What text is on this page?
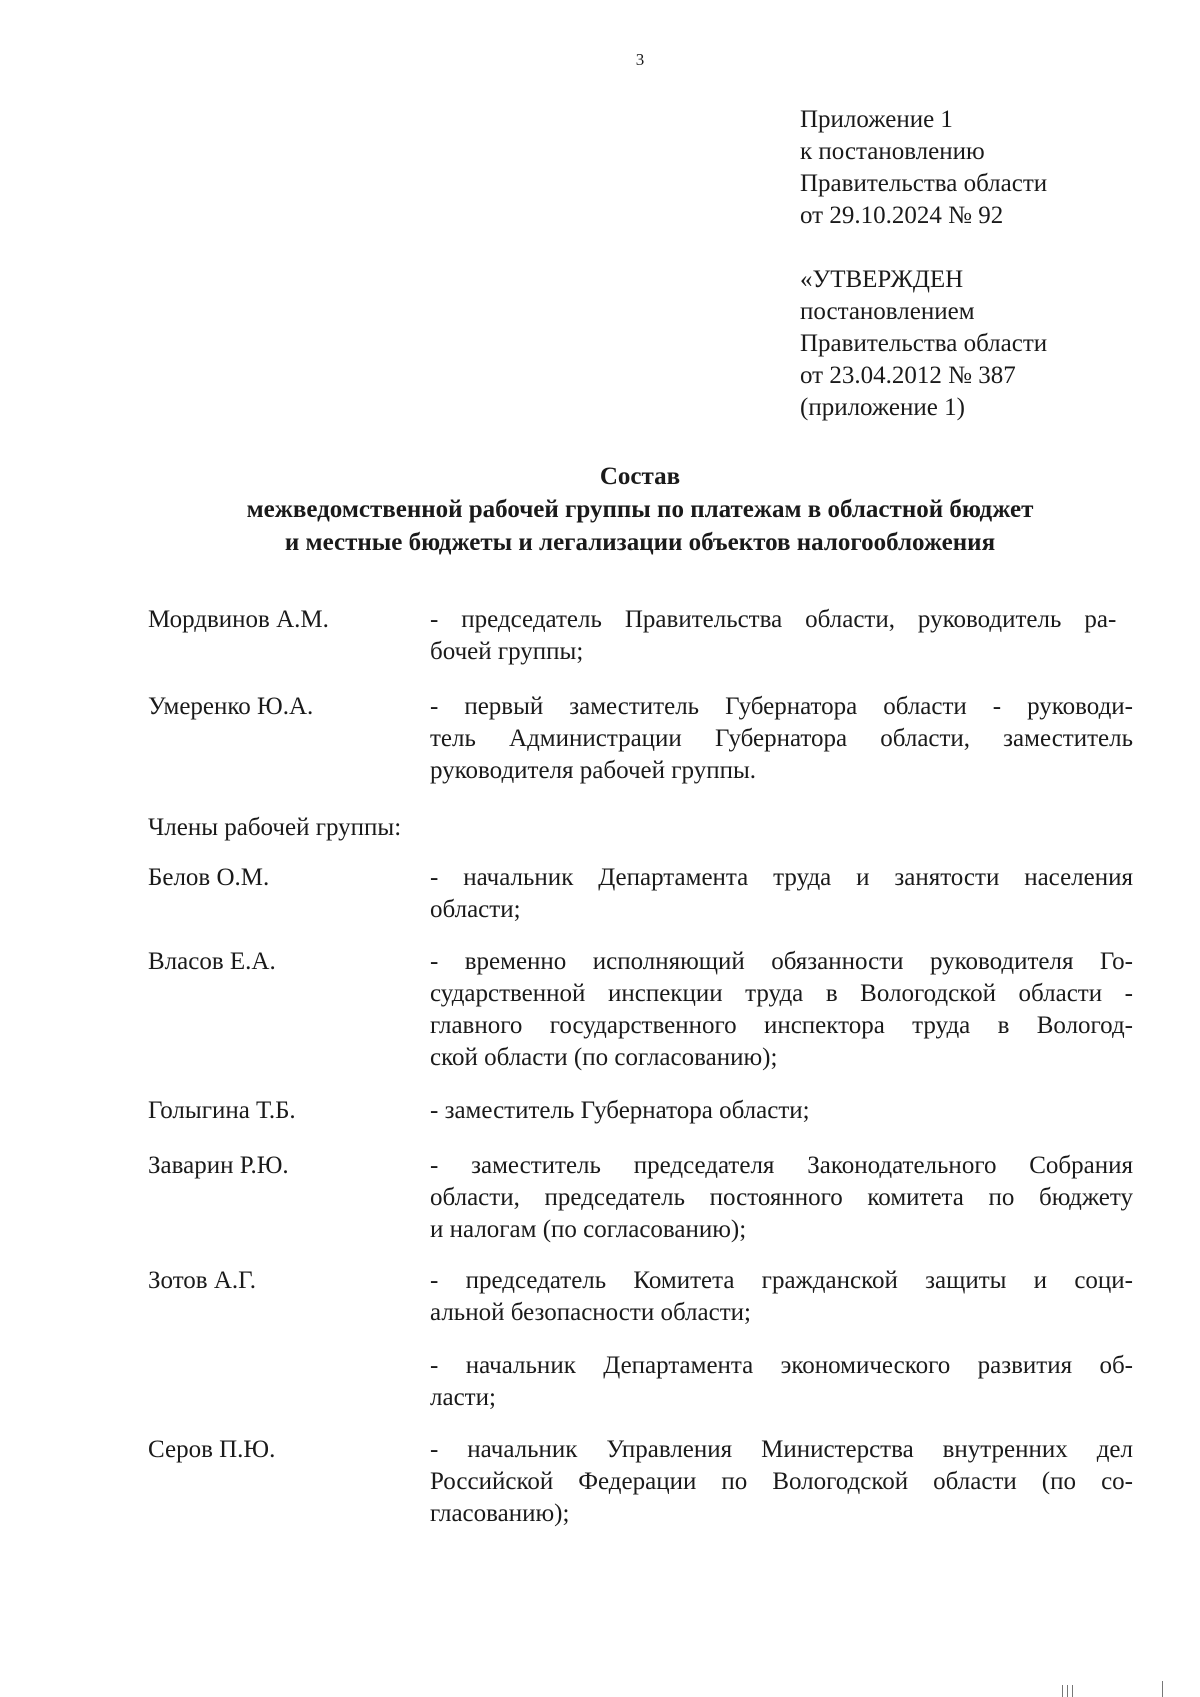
3
Приложение 1
к постановлению
Правительства области
от 29.10.2024 № 92
«УТВЕРЖДЕН
постановлением
Правительства области
от 23.04.2012 № 387
(приложение 1)
Состав
межведомственной рабочей группы по платежам в областной бюджет
и местные бюджеты и легализации объектов налогообложения
Мордвинов А.М.	- председатель Правительства области, руководитель ра-
бочей группы;
Умеренко Ю.А.	- первый заместитель Губернатора области - руководи-
тель Администрации Губернатора области, заместитель
руководителя рабочей группы.
Члены рабочей группы:
Белов О.М.	- начальник Департамента труда и занятости населения
области;
Власов Е.А.	- временно исполняющий обязанности руководителя Го-
сударственной инспекции труда в Вологодской области -
главного государственного инспектора труда в Вологод-
ской области (по согласованию);
Голыгина Т.Б.	- заместитель Губернатора области;
Заварин Р.Ю.	- заместитель председателя Законодательного Собрания
области, председатель постоянного комитета по бюджету
и налогам (по согласованию);
Зотов А.Г.	- председатель Комитета гражданской защиты и соци-
альной безопасности области;
- начальник Департамента экономического развития об-
ласти;
Серов П.Ю.	- начальник Управления Министерства внутренних дел
Российской Федерации по Вологодской области (по со-
гласованию);
